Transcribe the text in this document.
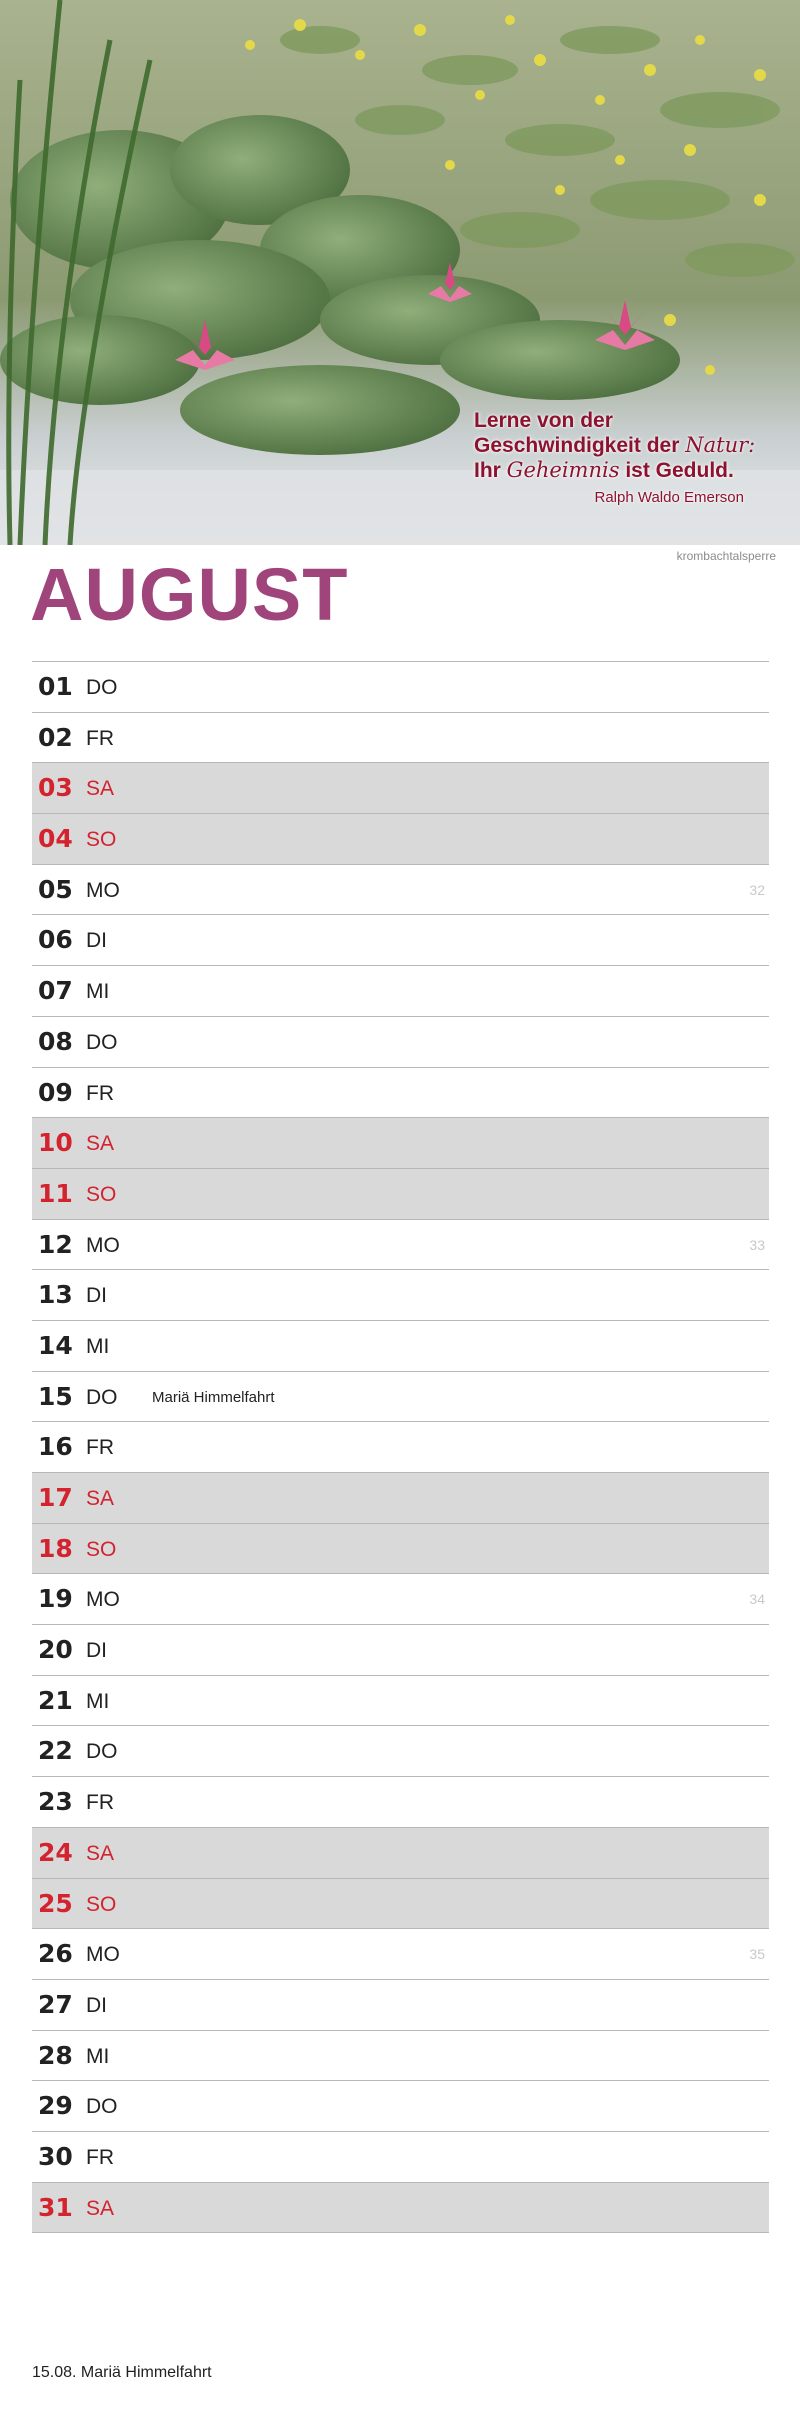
Lerne von der
Geschwindigkeit der Natur:
Ihr Geheimnis ist Geduld.
Ralph Waldo Emerson
krombachtalsperre
AUGUST
01 DO
02 FR
03 SA
04 SO
05 MO	32
06 DI
07 MI
08 DO
09 FR
10 SA
11 SO
12 MO	33
13 DI
14 MI
15 DO Mariä Himmelfahrt
16 FR
17 SA
18 SO
19 MO	34
20 DI
21 MI
22 DO
23 FR
24 SA
25 SO
26 MO	35
27 DI
28 MI
29 DO
30 FR
31 SA
15.08. Mariä Himmelfahrt
